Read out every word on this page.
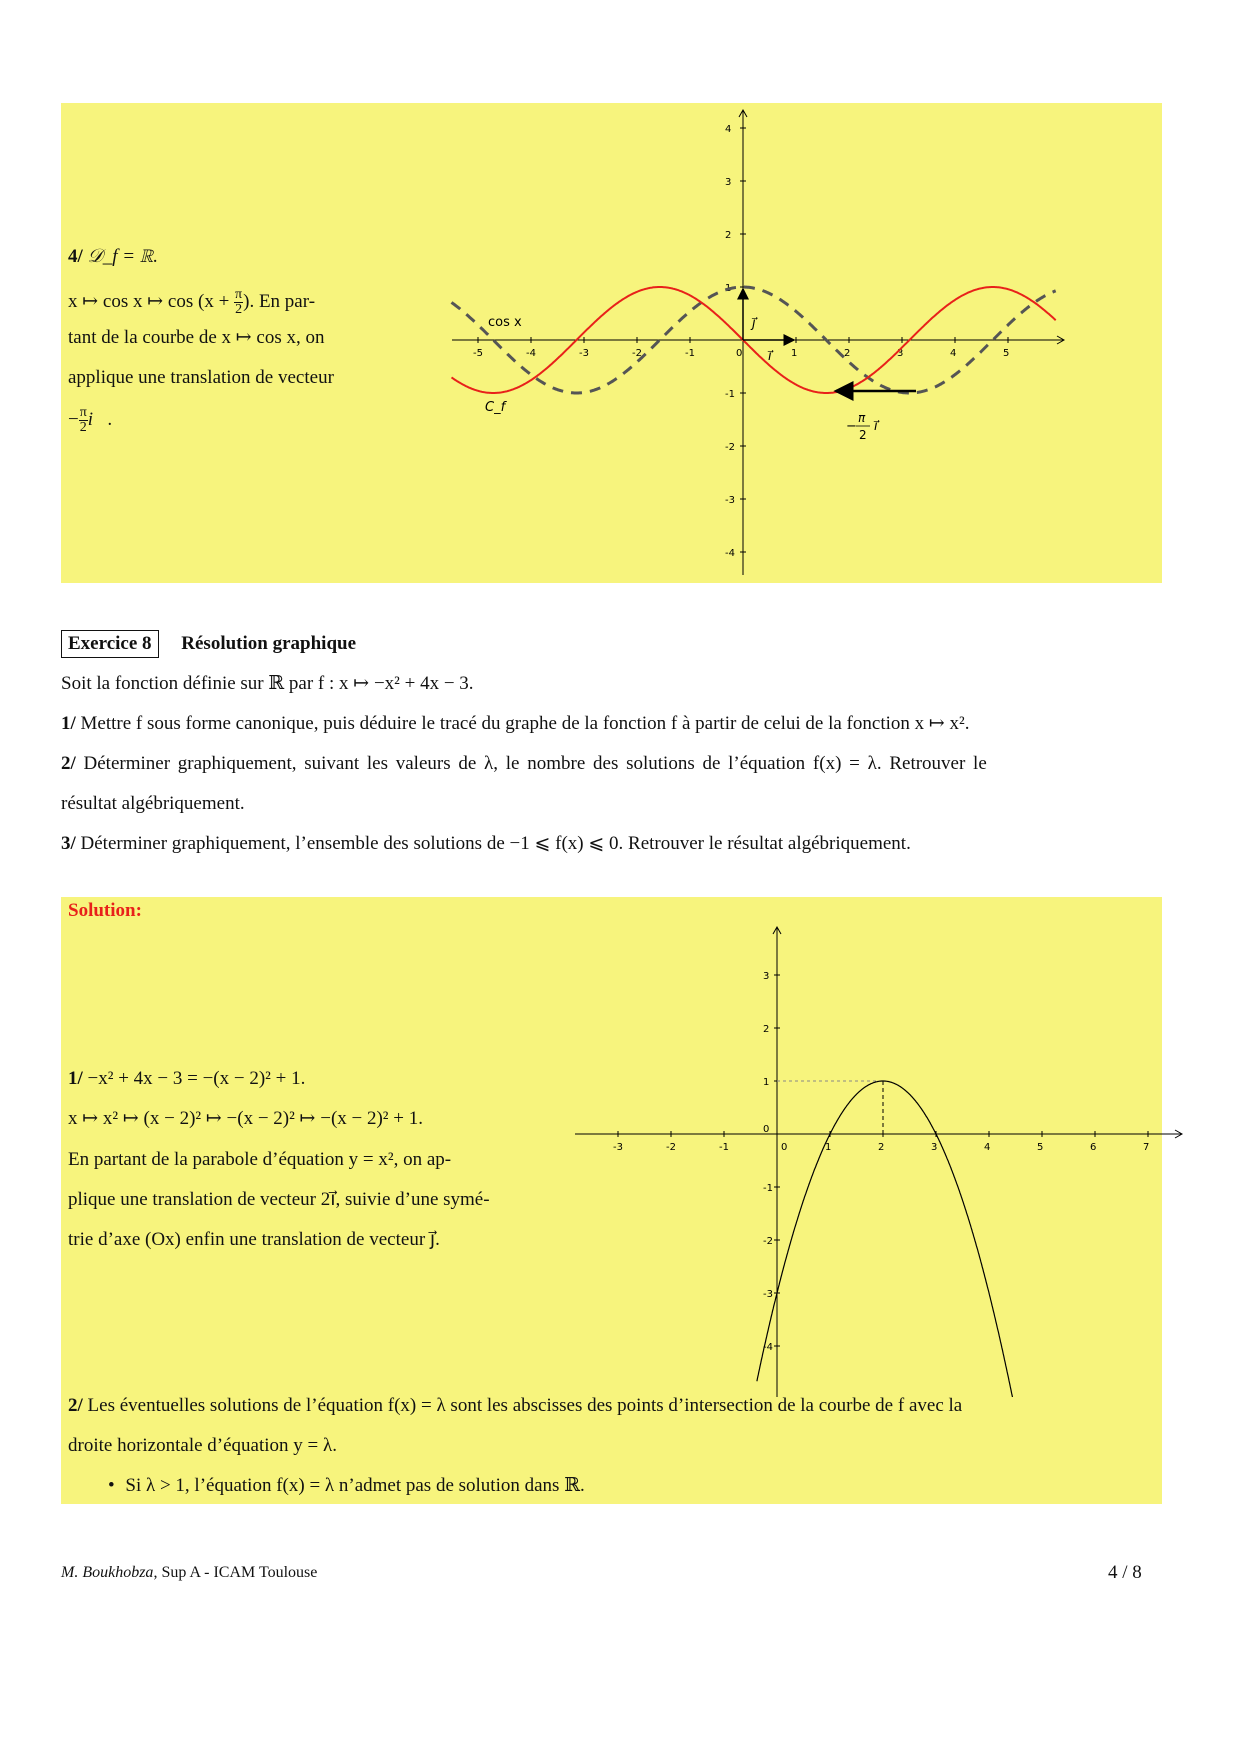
4/ 𝒟_f = ℝ.
x ↦ cos x ↦ $\cos (x + \frac{\pi}{2}$ ). En par-
tant de la courbe de x ↦ cos x, on
applique une translation de vecteur
− $\frac{\pi}{2}$ i⃗.
-5	-4	-3	-2	-1	0	1	2	3	4	5
-4
-3
-2
-1
1
2
3
4
cos x
C_f
j⃗
i⃗
−
π
2
i⃗
Exercice 8 Résolution graphique
Soit la fonction définie sur ℝ par f : x ↦ −x² + 4x − 3.
1/ Mettre f sous forme canonique, puis déduire le tracé du graphe de la fonction f à partir de celui de la fonction x ↦ x².
2/ Déterminer graphiquement, suivant les valeurs de λ, le nombre des solutions de l’équation f(x) = λ. Retrouver le
résultat algébriquement.
3/ Déterminer graphiquement, l’ensemble des solutions de −1 ⩽ f(x) ⩽ 0. Retrouver le résultat algébriquement.
Solution:
1/ −x² + 4x − 3 = −(x − 2)² + 1.
x ↦ x² ↦ (x − 2)² ↦ −(x − 2)² ↦ −(x − 2)² + 1.
En partant de la parabole d’équation y = x², on ap-
plique une translation de vecteur 2i⃗, suivie d’une symé-
trie d’axe (Ox) enfin une translation de vecteur j⃗.
-3	-2	-1	0	1	2	3	4	5	6	7
-4
-3
-2
-1
0
1
2
3
2/ Les éventuelles solutions de l’équation f(x) = λ sont les abscisses des points d’intersection de la courbe de f avec la
droite horizontale d’équation y = λ.
• Si λ > 1, l’équation f(x) = λ n’admet pas de solution dans ℝ.
M. Boukhobza, Sup A - ICAM Toulouse	4 / 8
